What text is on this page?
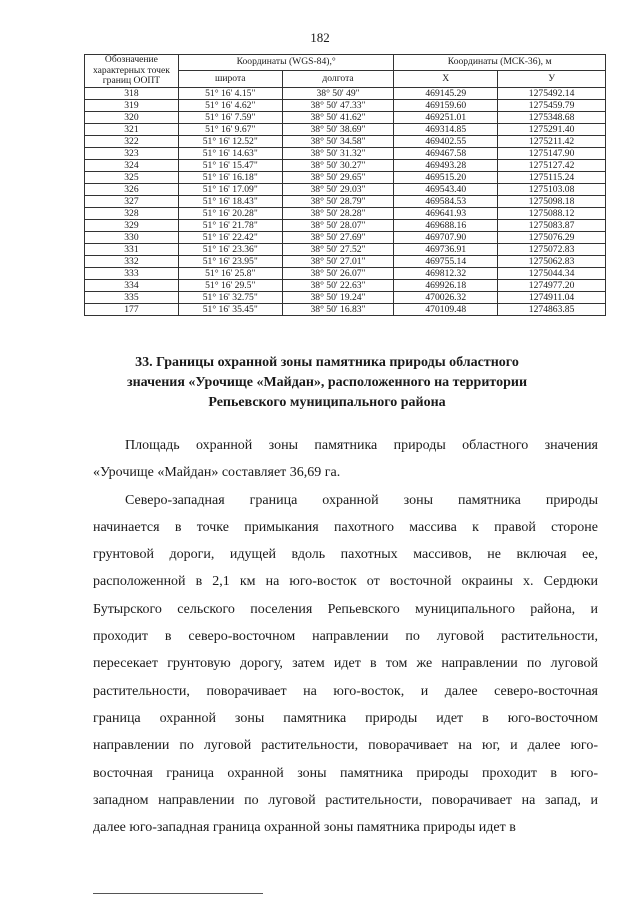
182
Обозначение характерных точек границ ООПТ	Координаты (WGS-84),°		Координаты (МСК-36), м	
	широта	долгота	X	У
318	51° 16' 4.15"	38° 50' 49"	469145.29	1275492.14
319	51° 16' 4.62"	38° 50' 47.33"	469159.60	1275459.79
320	51° 16' 7.59"	38° 50' 41.62"	469251.01	1275348.68
321	51° 16' 9.67"	38° 50' 38.69"	469314.85	1275291.40
322	51° 16' 12.52"	38° 50' 34.58"	469402.55	1275211.42
323	51° 16' 14.63"	38° 50' 31.32"	469467.58	1275147.90
324	51° 16' 15.47"	38° 50' 30.27"	469493.28	1275127.42
325	51° 16' 16.18"	38° 50' 29.65"	469515.20	1275115.24
326	51° 16' 17.09"	38° 50' 29.03"	469543.40	1275103.08
327	51° 16' 18.43"	38° 50' 28.79"	469584.53	1275098.18
328	51° 16' 20.28"	38° 50' 28.28"	469641.93	1275088.12
329	51° 16' 21.78"	38° 50' 28.07"	469688.16	1275083.87
330	51° 16' 22.42"	38° 50' 27.69"	469707.90	1275076.29
331	51° 16' 23.36"	38° 50' 27.52"	469736.91	1275072.83
332	51° 16' 23.95"	38° 50' 27.01"	469755.14	1275062.83
333	51° 16' 25.8"	38° 50' 26.07"	469812.32	1275044.34
334	51° 16' 29.5"	38° 50' 22.63"	469926.18	1274977.20
335	51° 16' 32.75"	38° 50' 19.24"	470026.32	1274911.04
177	51° 16' 35.45"	38° 50' 16.83"	470109.48	1274863.85
33. Границы охранной зоны памятника природы областного
значения «Урочище «Майдан», расположенного на территории
Репьевского муниципального района

Площадь охранной зоны памятника природы областного значения
«Урочище «Майдан» составляет 36,69 га.

Северо-западная граница охранной зоны памятника природы
начинается в точке примыкания пахотного массива к правой стороне
грунтовой дороги, идущей вдоль пахотных массивов, не включая ее,
расположенной в 2,1 км на юго-восток от восточной окраины х. Сердюки
Бутырского сельского поселения Репьевского муниципального района, и
проходит в северо-восточном направлении по луговой растительности,
пересекает грунтовую дорогу, затем идет в том же направлении по луговой
растительности, поворачивает на юго-восток, и далее северо-восточная
граница охранной зоны памятника природы идет в юго-восточном
направлении по луговой растительности, поворачивает на юг, и далее юго-
восточная граница охранной зоны памятника природы проходит в юго-
западном направлении по луговой растительности, поворачивает на запад, и
далее юго-западная граница охранной зоны памятника природы идет в
